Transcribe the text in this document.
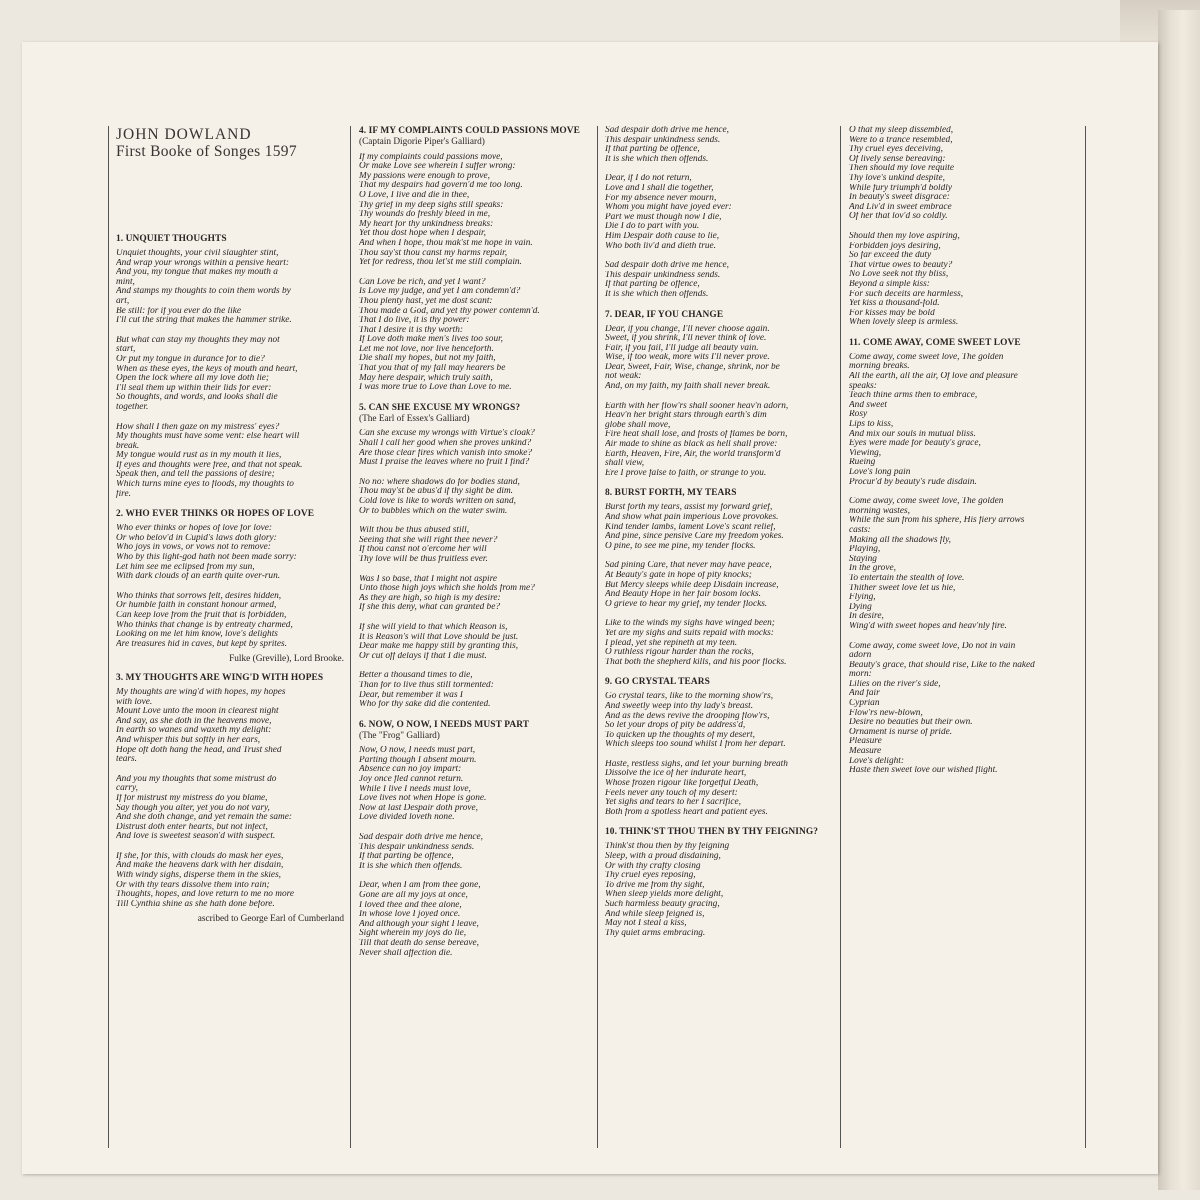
JOHN DOWLAND
First Booke of Songes 1597
1. UNQUIET THOUGHTS
Unquiet thoughts, your civil slaughter stint,
And wrap your wrongs within a pensive heart:
And you, my tongue that makes my mouth a
mint,
And stamps my thoughts to coin them words by
art,
Be still: for if you ever do the like
I'll cut the string that makes the hammer strike.
But what can stay my thoughts they may not
start,
Or put my tongue in durance for to die?
When as these eyes, the keys of mouth and heart,
Open the lock where all my love doth lie;
I'll seal them up within their lids for ever:
So thoughts, and words, and looks shall die
together.
How shall I then gaze on my mistress' eyes?
My thoughts must have some vent: else heart will
break.
My tongue would rust as in my mouth it lies,
If eyes and thoughts were free, and that not speak.
Speak then, and tell the passions of desire;
Which turns mine eyes to floods, my thoughts to
fire.
2. WHO EVER THINKS OR HOPES OF LOVE
Who ever thinks or hopes of love for love:
Or who belov'd in Cupid's laws doth glory:
Who joys in vows, or vows not to remove:
Who by this light-god hath not been made sorry:
Let him see me eclipsed from my sun,
With dark clouds of an earth quite over-run.
Who thinks that sorrows felt, desires hidden,
Or humble faith in constant honour armed,
Can keep love from the fruit that is forbidden,
Who thinks that change is by entreaty charmed,
Looking on me let him know, love's delights
Are treasures hid in caves, but kept by sprites.
Fulke (Greville), Lord Brooke.
3. MY THOUGHTS ARE WING'D WITH HOPES
My thoughts are wing'd with hopes, my hopes
with love.
Mount Love unto the moon in clearest night
And say, as she doth in the heavens move,
In earth so wanes and waxeth my delight:
And whisper this but softly in her ears,
Hope oft doth hang the head, and Trust shed
tears.
And you my thoughts that some mistrust do
carry,
If for mistrust my mistress do you blame,
Say though you alter, yet you do not vary,
And she doth change, and yet remain the same:
Distrust doth enter hearts, but not infect,
And love is sweetest season'd with suspect.
If she, for this, with clouds do mask her eyes,
And make the heavens dark with her disdain,
With windy sighs, disperse them in the skies,
Or with thy tears dissolve them into rain;
Thoughts, hopes, and love return to me no more
Till Cynthia shine as she hath done before.
ascribed to George Earl of Cumberland
4. IF MY COMPLAINTS COULD PASSIONS MOVE
(Captain Digorie Piper's Galliard)
If my complaints could passions move,
Or make Love see wherein I suffer wrong:
My passions were enough to prove,
That my despairs had govern'd me too long.
O Love, I live and die in thee,
Thy grief in my deep sighs still speaks:
Thy wounds do freshly bleed in me,
My heart for thy unkindness breaks:
Yet thou dost hope when I despair,
And when I hope, thou mak'st me hope in vain.
Thou say'st thou canst my harms repair,
Yet for redress, thou let'st me still complain.
Can Love be rich, and yet I want?
Is Love my judge, and yet I am condemn'd?
Thou plenty hast, yet me dost scant:
Thou made a God, and yet thy power contemn'd.
That I do live, it is thy power:
That I desire it is thy worth:
If Love doth make men's lives too sour,
Let me not love, nor live henceforth.
Die shall my hopes, but not my faith,
That you that of my fall may hearers be
May here despair, which truly saith,
I was more true to Love than Love to me.
5. CAN SHE EXCUSE MY WRONGS?
(The Earl of Essex's Galliard)
Can she excuse my wrongs with Virtue's cloak?
Shall I call her good when she proves unkind?
Are those clear fires which vanish into smoke?
Must I praise the leaves where no fruit I find?
No no: where shadows do for bodies stand,
Thou may'st be abus'd if thy sight be dim.
Cold love is like to words written on sand,
Or to bubbles which on the water swim.
Wilt thou be thus abused still,
Seeing that she will right thee never?
If thou canst not o'ercome her will
Thy love will be thus fruitless ever.
Was I so base, that I might not aspire
Unto those high joys which she holds from me?
As they are high, so high is my desire:
If she this deny, what can granted be?
If she will yield to that which Reason is,
It is Reason's will that Love should be just.
Dear make me happy still by granting this,
Or cut off delays if that I die must.
Better a thousand times to die,
Than for to live thus still tormented:
Dear, but remember it was I
Who for thy sake did die contented.
6. NOW, O NOW, I NEEDS MUST PART
(The "Frog" Galliard)
Now, O now, I needs must part,
Parting though I absent mourn.
Absence can no joy impart:
Joy once fled cannot return.
While I live I needs must love,
Love lives not when Hope is gone.
Now at last Despair doth prove,
Love divided loveth none.
Sad despair doth drive me hence,
This despair unkindness sends.
If that parting be offence,
It is she which then offends.
Dear, when I am from thee gone,
Gone are all my joys at once,
I loved thee and thee alone,
In whose love I joyed once.
And although your sight I leave,
Sight wherein my joys do lie,
Till that death do sense bereave,
Never shall affection die.
Sad despair doth drive me hence,
This despair unkindness sends.
If that parting be offence,
It is she which then offends.
Dear, if I do not return,
Love and I shall die together,
For my absence never mourn,
Whom you might have joyed ever:
Part we must though now I die,
Die I do to part with you.
Him Despair doth cause to lie,
Who both liv'd and dieth true.
Sad despair doth drive me hence,
This despair unkindness sends.
If that parting be offence,
It is she which then offends.
7. DEAR, IF YOU CHANGE
Dear, if you change, I'll never choose again.
Sweet, if you shrink, I'll never think of love.
Fair, if you fail, I'll judge all beauty vain.
Wise, if too weak, more wits I'll never prove.
Dear, Sweet, Fair, Wise, change, shrink, nor be
not weak:
And, on my faith, my faith shall never break.
Earth with her flow'rs shall sooner heav'n adorn,
Heav'n her bright stars through earth's dim
globe shall move,
Fire heat shall lose, and frosts of flames be born,
Air made to shine as black as hell shall prove:
Earth, Heaven, Fire, Air, the world transform'd
shall view,
Ere I prove false to faith, or strange to you.
8. BURST FORTH, MY TEARS
Burst forth my tears, assist my forward grief,
And show what pain imperious Love provokes.
Kind tender lambs, lament Love's scant relief,
And pine, since pensive Care my freedom yokes.
O pine, to see me pine, my tender flocks.
Sad pining Care, that never may have peace,
At Beauty's gate in hope of pity knocks;
But Mercy sleeps while deep Disdain increase,
And Beauty Hope in her fair bosom locks.
O grieve to hear my grief, my tender flocks.
Like to the winds my sighs have winged been;
Yet are my sighs and suits repaid with mocks:
I plead, yet she repineth at my teen.
O ruthless rigour harder than the rocks,
That both the shepherd kills, and his poor flocks.
9. GO CRYSTAL TEARS
Go crystal tears, like to the morning show'rs,
And sweetly weep into thy lady's breast.
And as the dews revive the drooping flow'rs,
So let your drops of pity be address'd,
To quicken up the thoughts of my desert,
Which sleeps too sound whilst I from her depart.
Haste, restless sighs, and let your burning breath
Dissolve the ice of her indurate heart,
Whose frozen rigour like forgetful Death,
Feels never any touch of my desert:
Yet sighs and tears to her I sacrifice,
Both from a spotless heart and patient eyes.
10. THINK'ST THOU THEN BY THY FEIGNING?
Think'st thou then by thy feigning
Sleep, with a proud disdaining,
Or with thy crafty closing
Thy cruel eyes reposing,
To drive me from thy sight,
When sleep yields more delight,
Such harmless beauty gracing,
And while sleep feigned is,
May not I steal a kiss,
Thy quiet arms embracing.
O that my sleep dissembled,
Were to a trance resembled,
Thy cruel eyes deceiving,
Of lively sense bereaving:
Then should my love requite
Thy love's unkind despite,
While fury triumph'd boldly
In beauty's sweet disgrace:
And Liv'd in sweet embrace
Of her that lov'd so coldly.
Should then my love aspiring,
Forbidden joys desiring,
So far exceed the duty
That virtue owes to beauty?
No Love seek not thy bliss,
Beyond a simple kiss:
For such deceits are harmless,
Yet kiss a thousand-fold.
For kisses may be bold
When lovely sleep is armless.
11. COME AWAY, COME SWEET LOVE
Come away, come sweet love, The golden
morning breaks.
All the earth, all the air, Of love and pleasure
speaks:
Teach thine arms then to embrace,
And sweet
Rosy
Lips to kiss,
And mix our souls in mutual bliss.
Eyes were made for beauty's grace,
Viewing,
Rueing
Love's long pain
Procur'd by beauty's rude disdain.
Come away, come sweet love, The golden
morning wastes,
While the sun from his sphere, His fiery arrows
casts:
Making all the shadows fly,
Playing,
Staying
In the grove,
To entertain the stealth of love.
Thither sweet love let us hie,
Flying,
Dying
In desire,
Wing'd with sweet hopes and heav'nly fire.
Come away, come sweet love, Do not in vain
adorn
Beauty's grace, that should rise, Like to the naked
morn:
Lilies on the river's side,
And fair
Cyprian
Flow'rs new-blown,
Desire no beauties but their own.
Ornament is nurse of pride.
Pleasure
Measure
Love's delight:
Haste then sweet love our wished flight.
